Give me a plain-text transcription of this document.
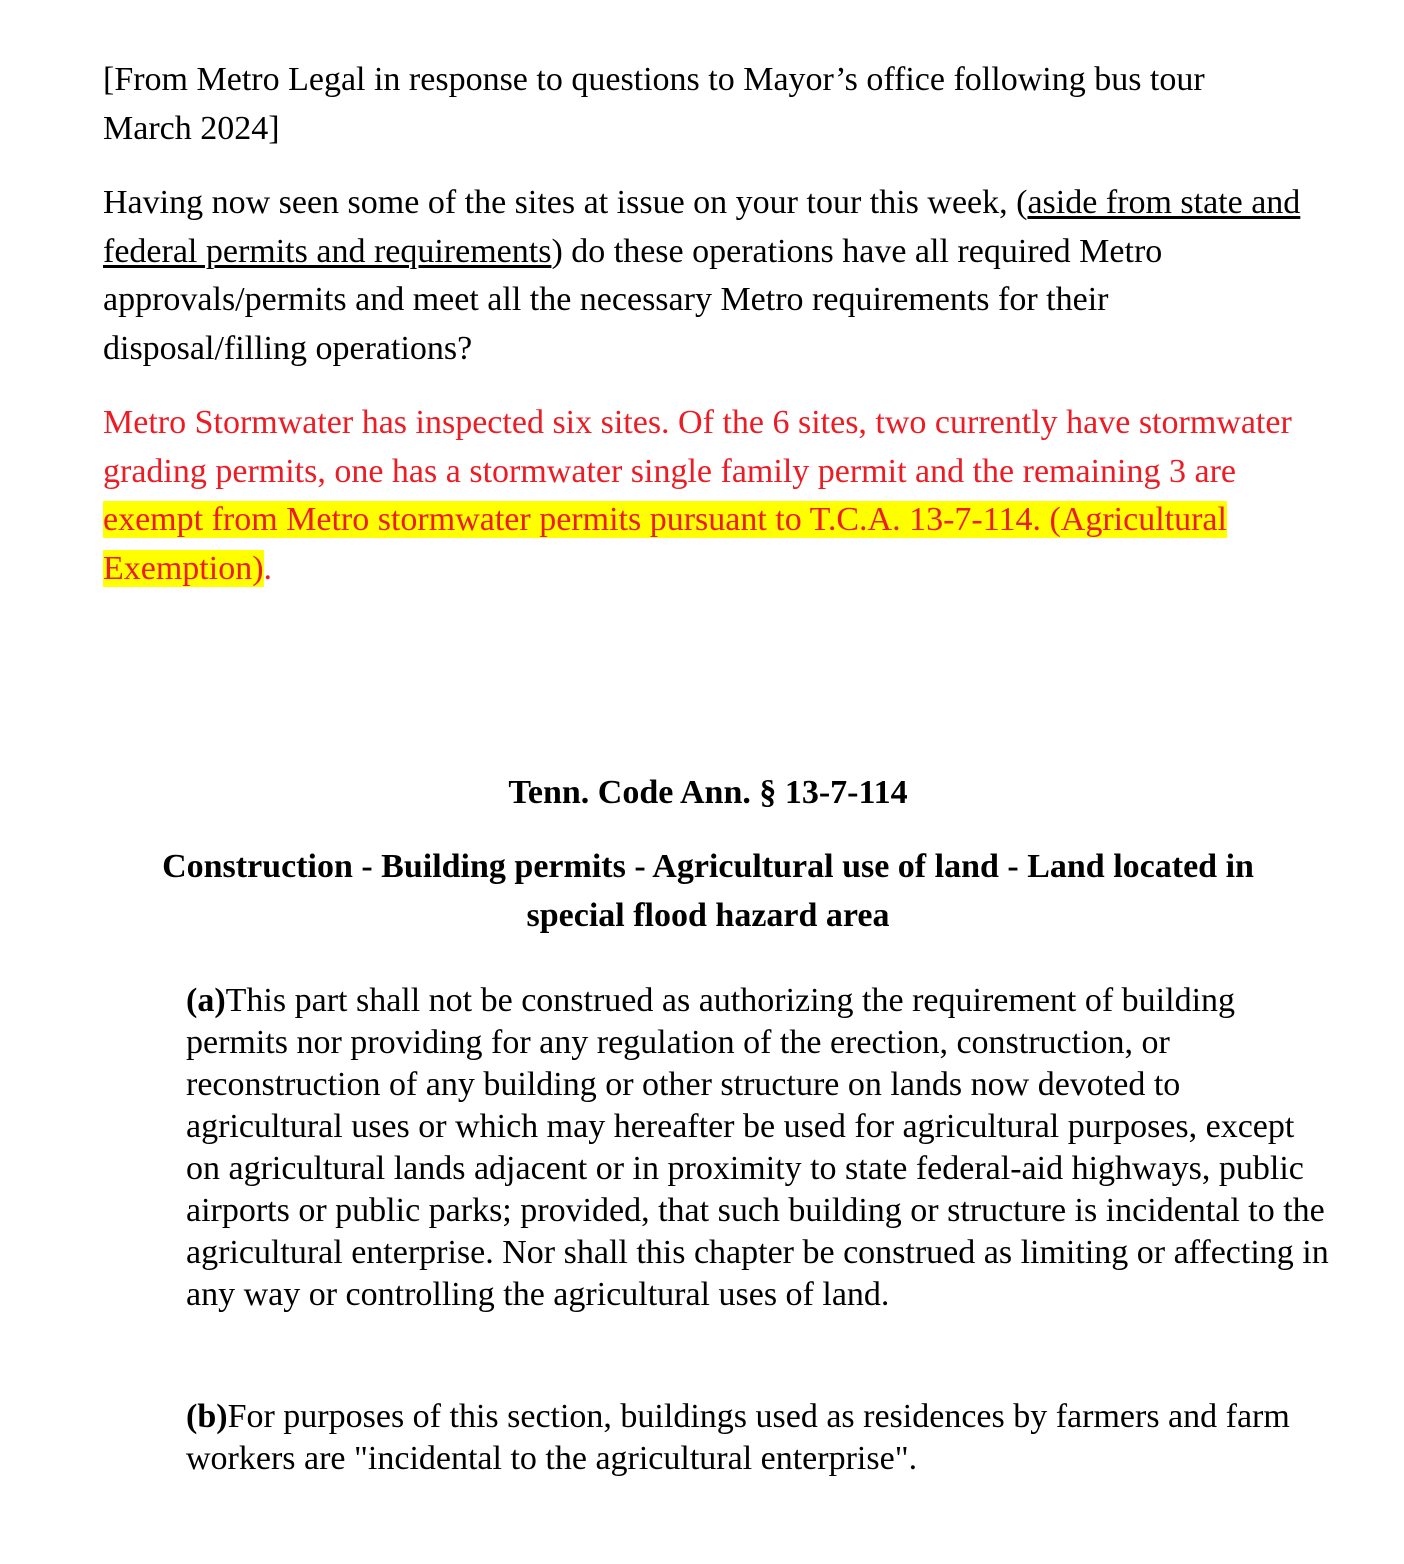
[From Metro Legal in response to questions to Mayor’s office following bus tour
March 2024]

Having now seen some of the sites at issue on your tour this week, (aside from state and federal permits and requirements) do these operations have all required Metro approvals/permits and meet all the necessary Metro requirements for their disposal/filling operations?

Metro Stormwater has inspected six sites. Of the 6 sites, two currently have stormwater grading permits, one has a stormwater single family permit and the remaining 3 are exempt from Metro stormwater permits pursuant to T.C.A. 13-7-114. (Agricultural Exemption).

Tenn. Code Ann. § 13-7-114

Construction - Building permits - Agricultural use of land - Land located in
special flood hazard area

(a)This part shall not be construed as authorizing the requirement of building permits nor providing for any regulation of the erection, construction, or reconstruction of any building or other structure on lands now devoted to agricultural uses or which may hereafter be used for agricultural purposes, except on agricultural lands adjacent or in proximity to state federal-aid highways, public airports or public parks; provided, that such building or structure is incidental to the agricultural enterprise. Nor shall this chapter be construed as limiting or affecting in any way or controlling the agricultural uses of land.

(b)For purposes of this section, buildings used as residences by farmers and farm workers are "incidental to the agricultural enterprise".
